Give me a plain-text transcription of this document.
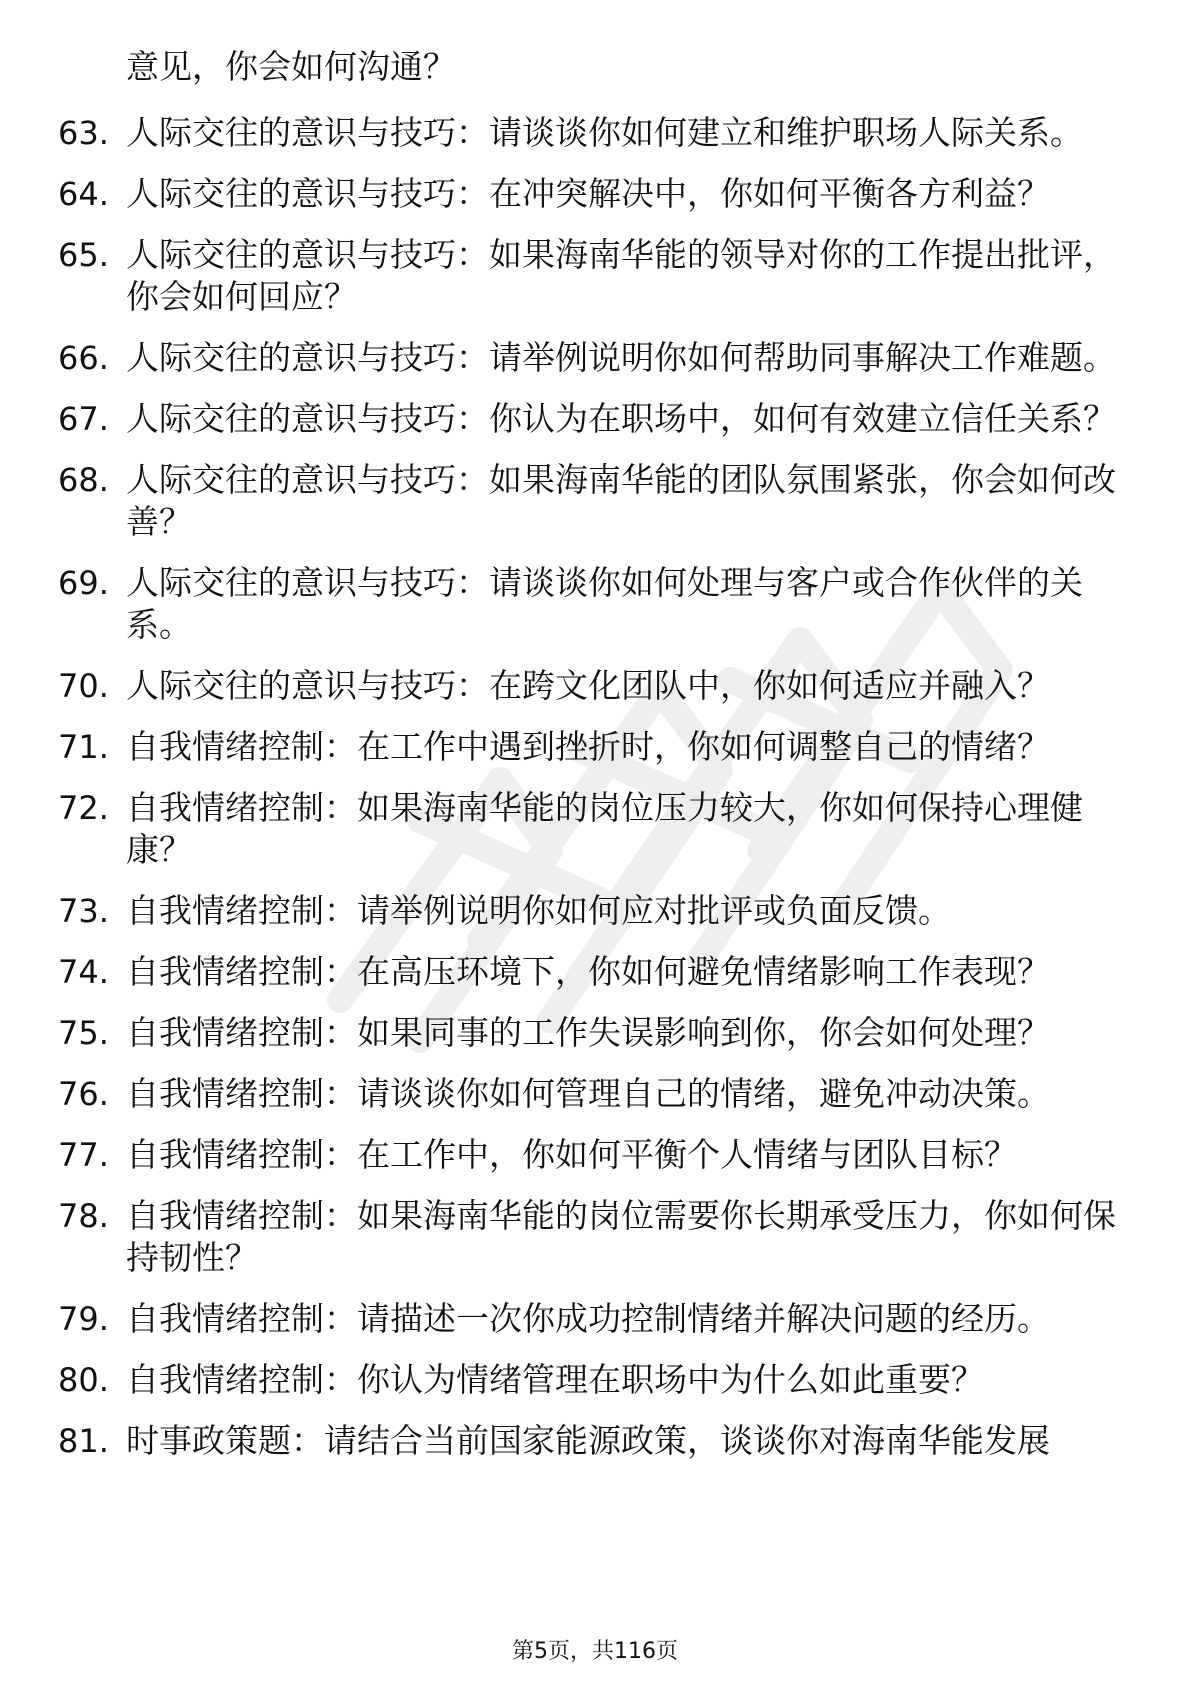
意见，你会如何沟通？
63. 人际交往的意识与技巧：请谈谈你如何建立和维护职场人际关系。
64. 人际交往的意识与技巧：在冲突解决中，你如何平衡各方利益？
65. 人际交往的意识与技巧：如果海南华能的领导对你的工作提出批评，你会如何回应？
66. 人际交往的意识与技巧：请举例说明你如何帮助同事解决工作难题。
67. 人际交往的意识与技巧：你认为在职场中，如何有效建立信任关系？
68. 人际交往的意识与技巧：如果海南华能的团队氛围紧张，你会如何改善？
69. 人际交往的意识与技巧：请谈谈你如何处理与客户或合作伙伴的关系。
70. 人际交往的意识与技巧：在跨文化团队中，你如何适应并融入？
71. 自我情绪控制：在工作中遇到挫折时，你如何调整自己的情绪？
72. 自我情绪控制：如果海南华能的岗位压力较大，你如何保持心理健康？
73. 自我情绪控制：请举例说明你如何应对批评或负面反馈。
74. 自我情绪控制：在高压环境下，你如何避免情绪影响工作表现？
75. 自我情绪控制：如果同事的工作失误影响到你，你会如何处理？
76. 自我情绪控制：请谈谈你如何管理自己的情绪，避免冲动决策。
77. 自我情绪控制：在工作中，你如何平衡个人情绪与团队目标？
78. 自我情绪控制：如果海南华能的岗位需要你长期承受压力，你如何保持韧性？
79. 自我情绪控制：请描述一次你成功控制情绪并解决问题的经历。
80. 自我情绪控制：你认为情绪管理在职场中为什么如此重要？
81. 时事政策题：请结合当前国家能源政策，谈谈你对海南华能发展
第5页，共116页
